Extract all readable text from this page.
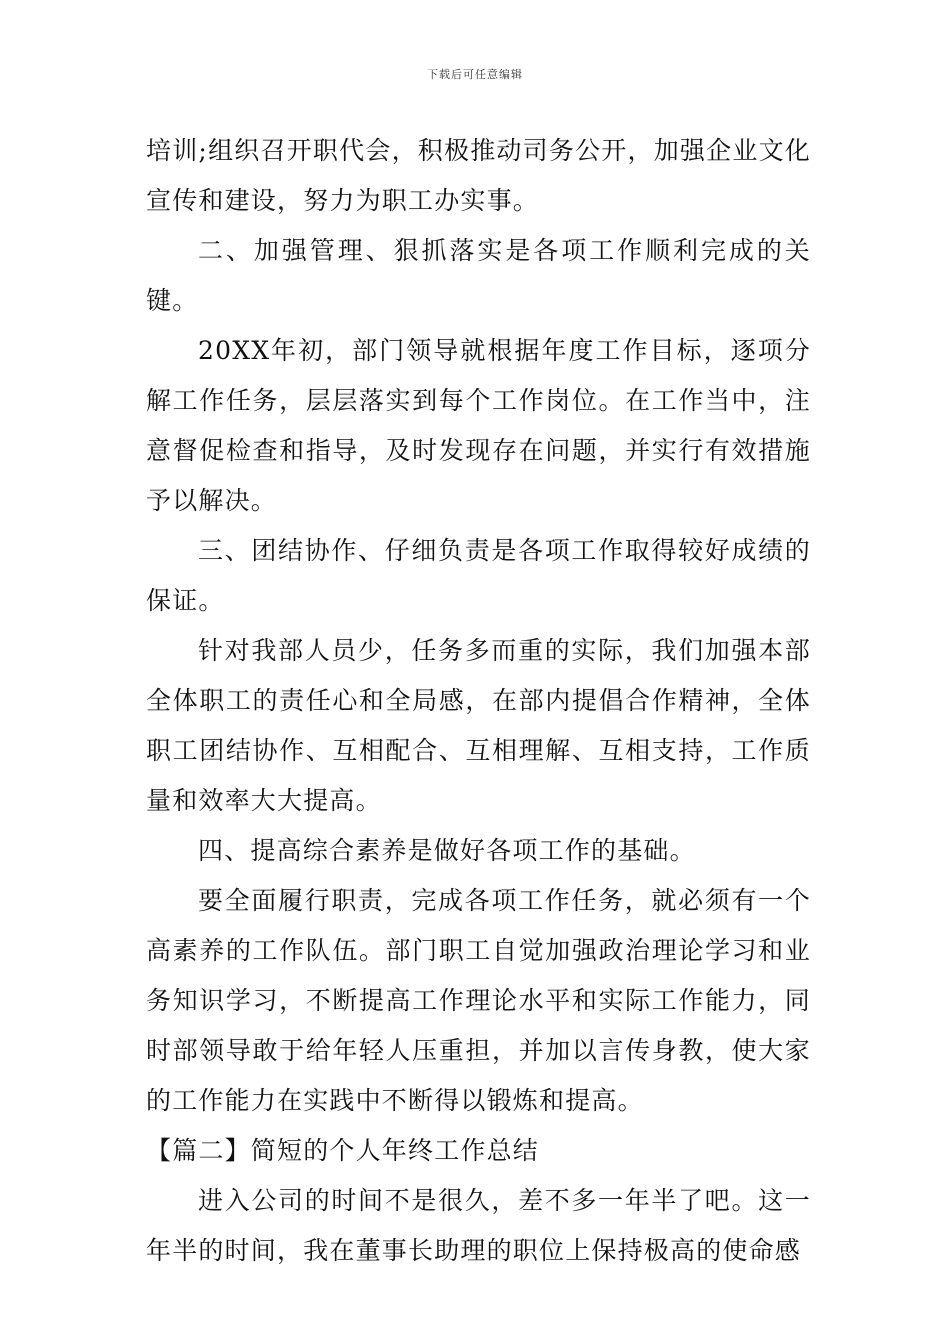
下载后可任意编辑

培训;组织召开职代会，积极推动司务公开，加强企业文化宣传和建设，努力为职工办实事。

二、加强管理、狠抓落实是各项工作顺利完成的关键。

20XX年初，部门领导就根据年度工作目标，逐项分解工作任务，层层落实到每个工作岗位。在工作当中，注意督促检查和指导，及时发现存在问题，并实行有效措施予以解决。

三、团结协作、仔细负责是各项工作取得较好成绩的保证。

针对我部人员少，任务多而重的实际，我们加强本部全体职工的责任心和全局感，在部内提倡合作精神，全体职工团结协作、互相配合、互相理解、互相支持，工作质量和效率大大提高。

四、提高综合素养是做好各项工作的基础。

要全面履行职责，完成各项工作任务，就必须有一个高素养的工作队伍。部门职工自觉加强政治理论学习和业务知识学习，不断提高工作理论水平和实际工作能力，同时部领导敢于给年轻人压重担，并加以言传身教，使大家的工作能力在实践中不断得以锻炼和提高。

【篇二】简短的个人年终工作总结

进入公司的时间不是很久，差不多一年半了吧。这一年半的时间，我在董事长助理的职位上保持极高的使命感
